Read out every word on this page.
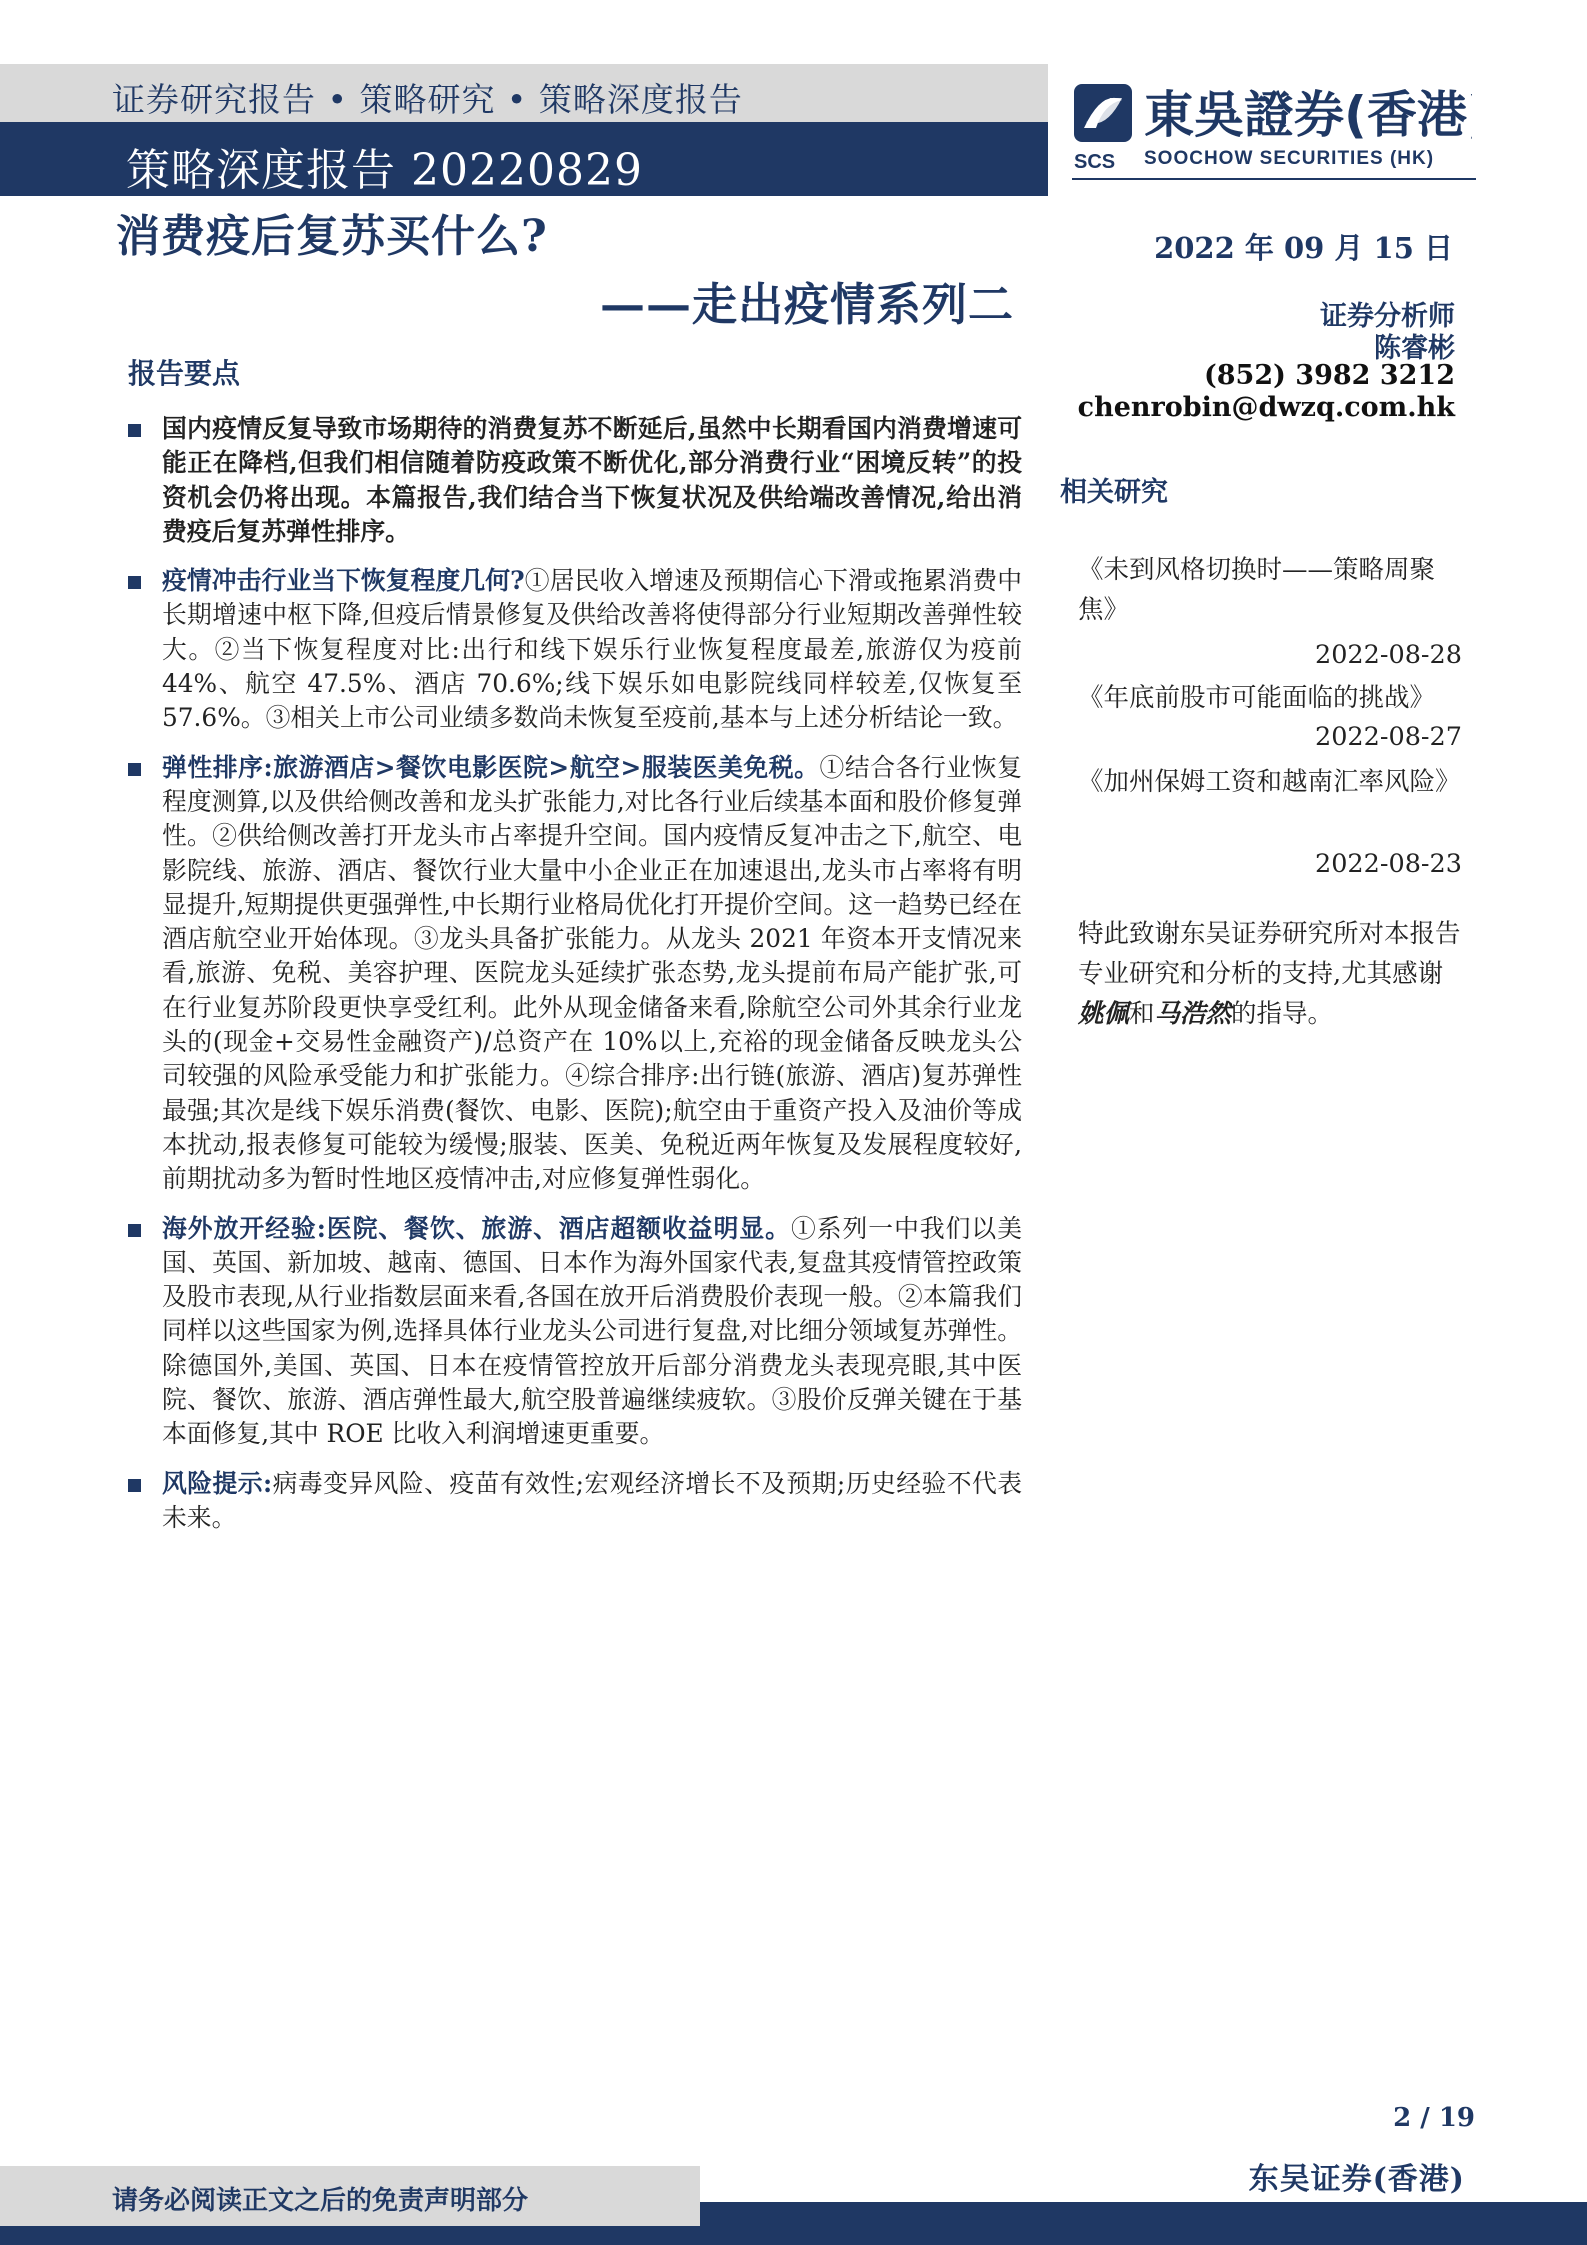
证券研究报告 • 策略研究 • 策略深度报告
策略深度报告 20220829	SCS
東吳證券(香港)
SOOCHOW SECURITIES (HK)
消费疫后复苏买什么?
——走出疫情系列二
2022 年 09 月 15 日
证券分析师
陈睿彬
(852) 3982 3212
chenrobin@dwzq.com.hk
报告要点
国内疫情反复导致市场期待的消费复苏不断延后,虽然中长期看国内消费增速可能正在降档,但我们相信随着防疫政策不断优化,部分消费行业“困境反转”的投资机会仍将出现。本篇报告,我们结合当下恢复状况及供给端改善情况,给出消费疫后复苏弹性排序。
疫情冲击行业当下恢复程度几何?①居民收入增速及预期信心下滑或拖累消费中长期增速中枢下降,但疫后情景修复及供给改善将使得部分行业短期改善弹性较大。②当下恢复程度对比:出行和线下娱乐行业恢复程度最差,旅游仅为疫前 44%、航空 47.5%、酒店 70.6%;线下娱乐如电影院线同样较差,仅恢复至 57.6%。③相关上市公司业绩多数尚未恢复至疫前,基本与上述分析结论一致。
弹性排序:旅游酒店>餐饮电影医院>航空>服装医美免税。①结合各行业恢复程度测算,以及供给侧改善和龙头扩张能力,对比各行业后续基本面和股价修复弹性。②供给侧改善打开龙头市占率提升空间。国内疫情反复冲击之下,航空、电影院线、旅游、酒店、餐饮行业大量中小企业正在加速退出,龙头市占率将有明显提升,短期提供更强弹性,中长期行业格局优化打开提价空间。这一趋势已经在酒店航空业开始体现。③龙头具备扩张能力。从龙头 2021 年资本开支情况来看,旅游、免税、美容护理、医院龙头延续扩张态势,龙头提前布局产能扩张,可在行业复苏阶段更快享受红利。此外从现金储备来看,除航空公司外其余行业龙头的(现金+交易性金融资产)/总资产在 10%以上,充裕的现金储备反映龙头公司较强的风险承受能力和扩张能力。④综合排序:出行链(旅游、酒店)复苏弹性最强;其次是线下娱乐消费(餐饮、电影、医院);航空由于重资产投入及油价等成本扰动,报表修复可能较为缓慢;服装、医美、免税近两年恢复及发展程度较好,前期扰动多为暂时性地区疫情冲击,对应修复弹性弱化。
海外放开经验:医院、餐饮、旅游、酒店超额收益明显。①系列一中我们以美国、英国、新加坡、越南、德国、日本作为海外国家代表,复盘其疫情管控政策及股市表现,从行业指数层面来看,各国在放开后消费股价表现一般。②本篇我们同样以这些国家为例,选择具体行业龙头公司进行复盘,对比细分领域复苏弹性。除德国外,美国、英国、日本在疫情管控放开后部分消费龙头表现亮眼,其中医院、餐饮、旅游、酒店弹性最大,航空股普遍继续疲软。③股价反弹关键在于基本面修复,其中 ROE 比收入利润增速更重要。
风险提示:病毒变异风险、疫苗有效性;宏观经济增长不及预期;历史经验不代表未来。
相关研究
《未到风格切换时——策略周聚焦》
2022-08-28
《年底前股市可能面临的挑战》
2022-08-27
《加州保姆工资和越南汇率风险》
2022-08-23
特此致谢东吴证券研究所对本报告专业研究和分析的支持,尤其感谢姚佩和马浩然的指导。
2 / 19
东吴证券(香港)
请务必阅读正文之后的免责声明部分
